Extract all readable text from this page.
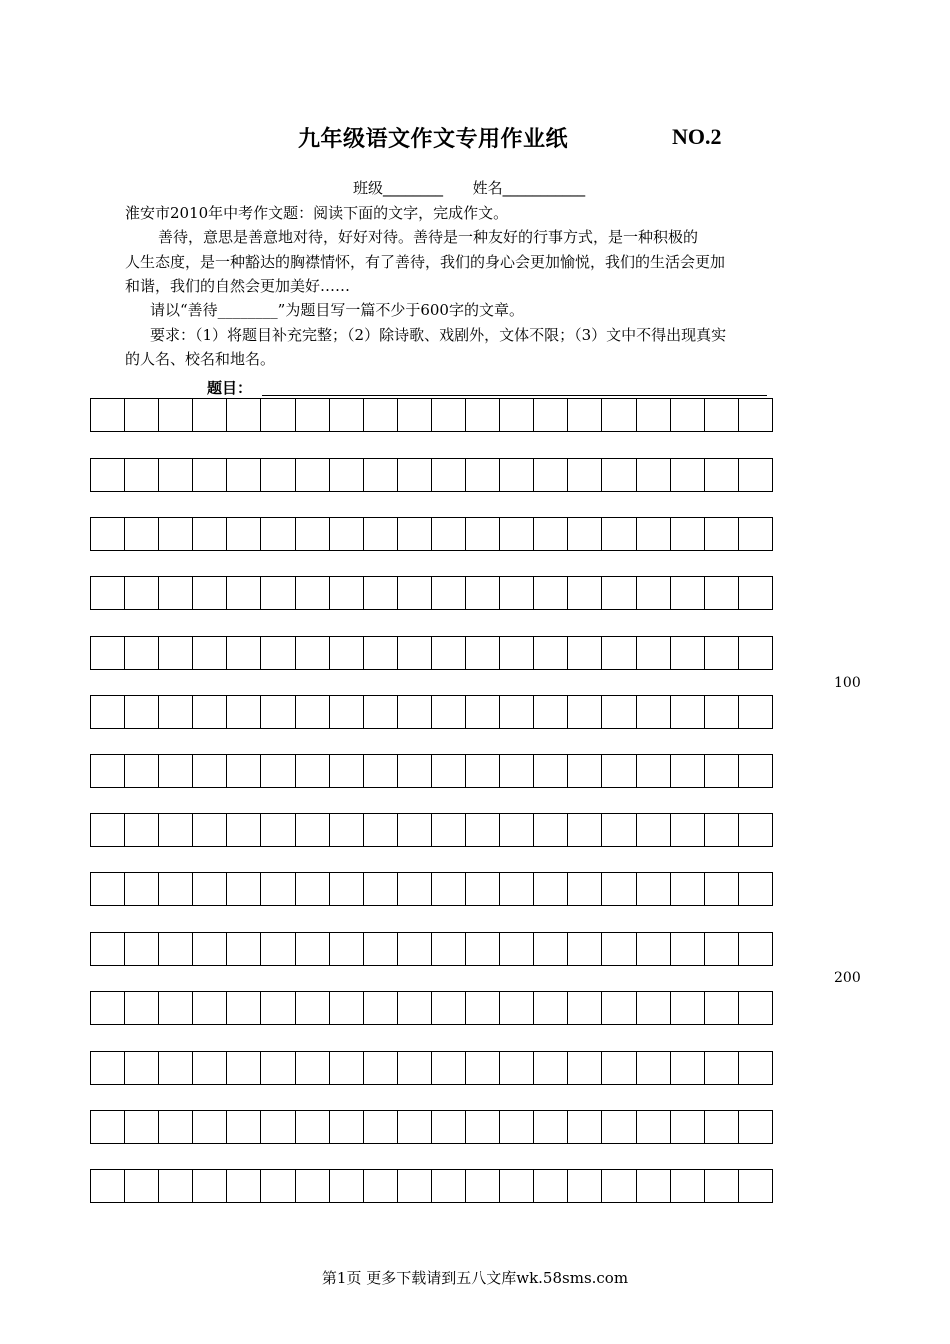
九年级语文作文专用作业纸	NO.2
班级________ 姓名___________
淮安市2010年中考作文题：阅读下面的文字，完成作文。
善待，意思是善意地对待，好好对待。善待是一种友好的行事方式，是一种积极的
人生态度，是一种豁达的胸襟情怀，有了善待，我们的身心会更加愉悦，我们的生活会更加
和谐，我们的自然会更加美好……
请以“善待________”为题目写一篇不少于600字的文章。
要求：（1）将题目补充完整；（2）除诗歌、戏剧外，文体不限；（3）文中不得出现真实
的人名、校名和地名。
题目：
100
200
第1页 更多下载请到五八文库wk.58sms.com
